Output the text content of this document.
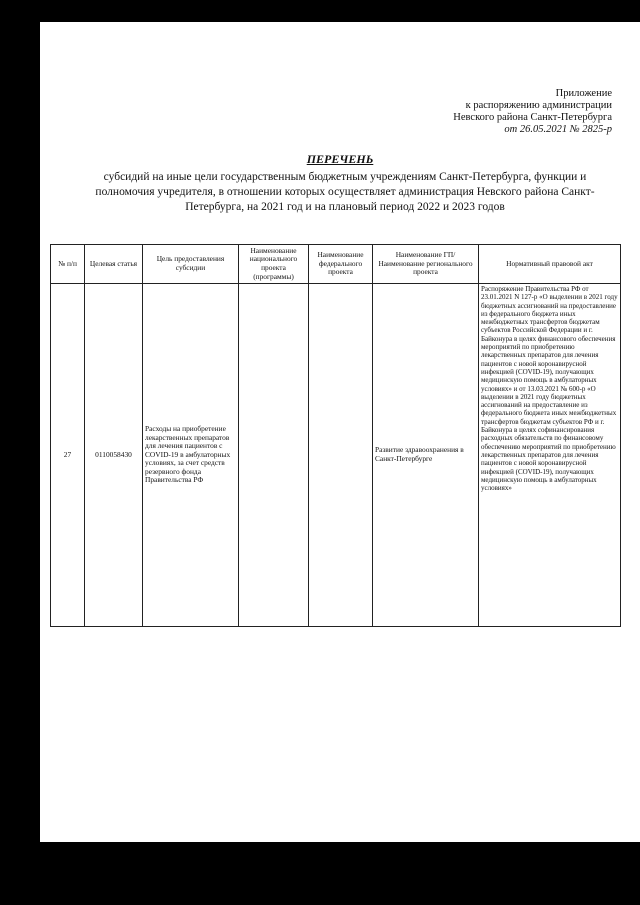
Приложение
к распоряжению администрации
Невского района Санкт-Петербурга
от 26.05.2021 № 2825-р
ПЕРЕЧЕНЬ
субсидий на иные цели государственным бюджетным учреждениям Санкт-Петербурга, функции и полномочия учредителя, в отношении которых осуществляет администрация Невского района Санкт-Петербурга, на 2021 год и на плановый период 2022 и 2023 годов
№ п/п	Целевая статья	Цель предоставления субсидии	Наименование национального проекта (программы)	Наименование федерального проекта	Наименование ГП/Наименование регионального проекта	Нормативный правовой акт
27	0110058430	Расходы на приобретение лекарственных препаратов для лечения пациентов с COVID-19 в амбулаторных условиях, за счет средств резервного фонда Правительства РФ			Развитие здравоохранения в Санкт-Петербурге	Распоряжение Правительства РФ от 23.01.2021 N 127-р «О выделении в 2021 году бюджетных ассигнований на предоставление из федерального бюджета иных межбюджетных трансфертов бюджетам субъектов Российской Федерации и г. Байконура в целях финансового обеспечения мероприятий по приобретению лекарственных препаратов для лечения пациентов с новой коронавирусной инфекцией (COVID-19), получающих медицинскую помощь в амбулаторных условиях» и от 13.03.2021 № 600-р «О выделении в 2021 году бюджетных ассигнований на предоставление из федерального бюджета иных межбюджетных трансфертов бюджетам субъектов РФ и г. Байконура в целях софинансирования расходных обязательств по финансовому обеспечению мероприятий по приобретению лекарственных препаратов для лечения пациентов с новой коронавирусной инфекцией (COVID-19), получающих медицинскую помощь в амбулаторных условиях»
